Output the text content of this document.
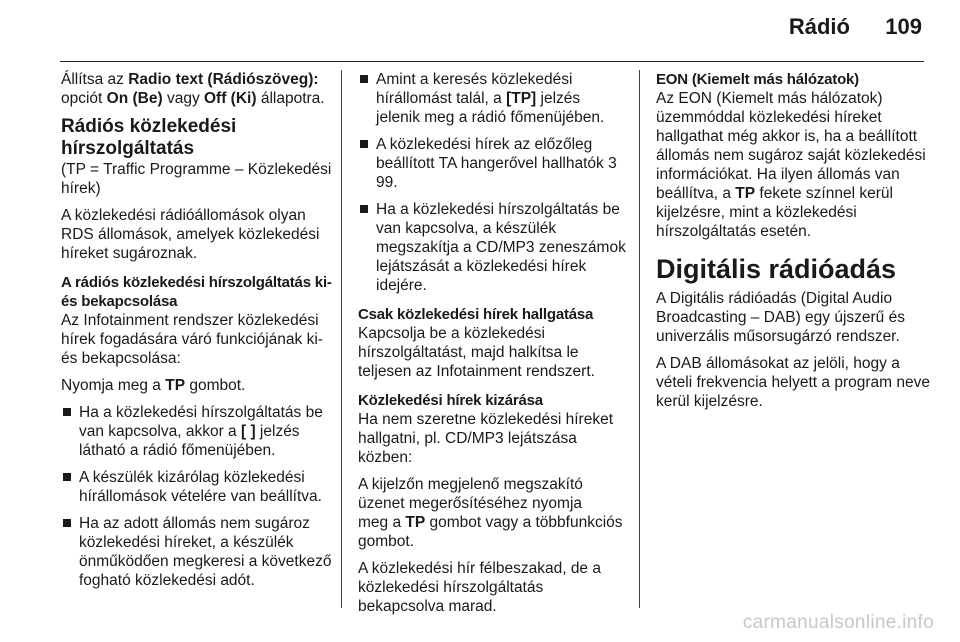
Rádió 109

Állítsa az Radio text (Rádiószöveg): opciót On (Be) vagy Off (Ki) állapotra.

Rádiós közlekedési hírszolgáltatás

(TP = Traffic Programme – Közlekedési hírek)

A közlekedési rádióállomások olyan RDS állomások, amelyek közlekedési híreket sugároznak.

A rádiós közlekedési hírszolgáltatás ki- és bekapcsolása

Az Infotainment rendszer közlekedési hírek fogadására váró funkciójának ki- és bekapcsolása:

Nyomja meg a TP gombot.

Ha a közlekedési hírszolgáltatás be van kapcsolva, akkor a [ ] jelzés látható a rádió főmenüjében.
A készülék kizárólag közlekedési hírállomások vételére van beállítva.
Ha az adott állomás nem sugároz közlekedési híreket, a készülék önműködően megkeresi a következő fogható közlekedési adót.
Amint a keresés közlekedési hírállomást talál, a [TP] jelzés jelenik meg a rádió főmenüjében.
A közlekedési hírek az előzőleg beállított TA hangerővel hallhatók 3 99.
Ha a közlekedési hírszolgáltatás be van kapcsolva, a készülék megszakítja a CD/MP3 zeneszámok lejátszását a közlekedési hírek idejére.
Csak közlekedési hírek hallgatása

Kapcsolja be a közlekedési hírszolgáltatást, majd halkítsa le teljesen az Infotainment rendszert.

Közlekedési hírek kizárása

Ha nem szeretne közlekedési híreket hallgatni, pl. CD/MP3 lejátszása közben:

A kijelzőn megjelenő megszakító üzenet megerősítéséhez nyomja
meg a TP gombot vagy a többfunkciós gombot.

A közlekedési hír félbeszakad, de a közlekedési hírszolgáltatás bekapcsolva marad.

EON (Kiemelt más hálózatok)

Az EON (Kiemelt más hálózatok) üzemmóddal közlekedési híreket hallgathat még akkor is, ha a beállított állomás nem sugároz saját közlekedési információkat. Ha ilyen állomás van beállítva, a TP fekete színnel kerül kijelzésre, mint a közlekedési hírszolgáltatás esetén.

Digitális rádióadás

A Digitális rádióadás (Digital Audio Broadcasting – DAB) egy újszerű és univerzális műsorsugárzó rendszer.

A DAB állomásokat az jelöli, hogy a vételi frekvencia helyett a program neve kerül kijelzésre.

carmanualsonline.info
